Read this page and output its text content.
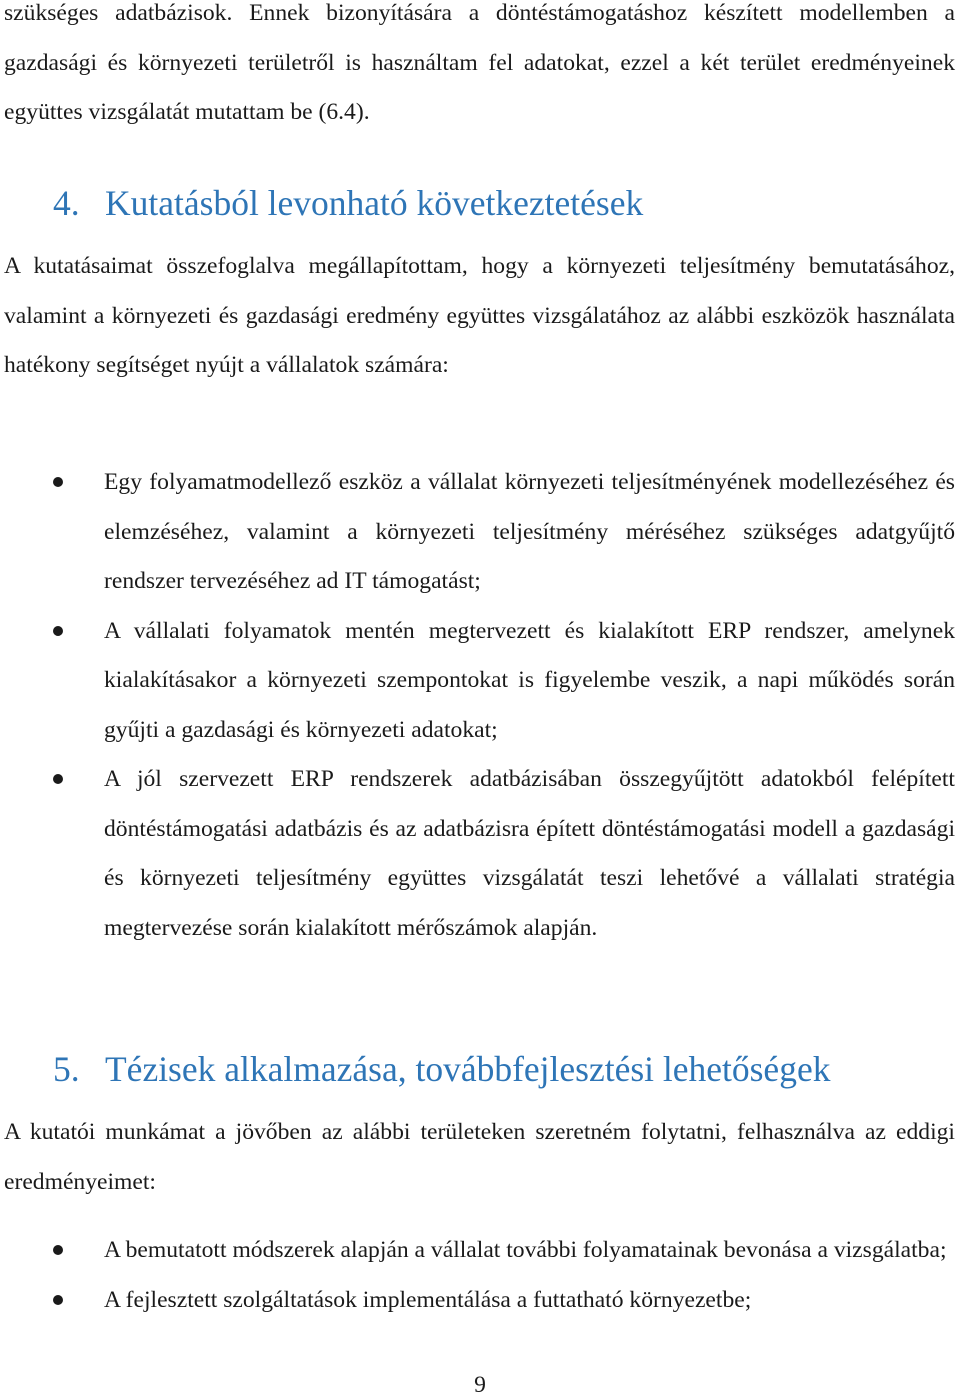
szükséges adatbázisok. Ennek bizonyítására a döntéstámogatáshoz készített modellemben a gazdasági és környezeti területről is használtam fel adatokat, ezzel a két terület eredményeinek együttes vizsgálatát mutattam be (6.4).

4. Kutatásból levonható következtetések

A kutatásaimat összefoglalva megállapítottam, hogy a környezeti teljesítmény bemutatásához, valamint a környezeti és gazdasági eredmény együttes vizsgálatához az alábbi eszközök használata hatékony segítséget nyújt a vállalatok számára:

Egy folyamatmodellező eszköz a vállalat környezeti teljesítményének modellezéséhez és elemzéséhez, valamint a környezeti teljesítmény méréséhez szükséges adatgyűjtő rendszer tervezéséhez ad IT támogatást;
A vállalati folyamatok mentén megtervezett és kialakított ERP rendszer, amelynek kialakításakor a környezeti szempontokat is figyelembe veszik, a napi működés során gyűjti a gazdasági és környezeti adatokat;
A jól szervezett ERP rendszerek adatbázisában összegyűjtött adatokból felépített döntéstámogatási adatbázis és az adatbázisra épített döntéstámogatási modell a gazdasági és környezeti teljesítmény együttes vizsgálatát teszi lehetővé a vállalati stratégia megtervezése során kialakított mérőszámok alapján.
5. Tézisek alkalmazása, továbbfejlesztési lehetőségek

A kutatói munkámat a jövőben az alábbi területeken szeretném folytatni, felhasználva az eddigi eredményeimet:

A bemutatott módszerek alapján a vállalat további folyamatainak bevonása a vizsgálatba;
A fejlesztett szolgáltatások implementálása a futtatható környezetbe;
9
